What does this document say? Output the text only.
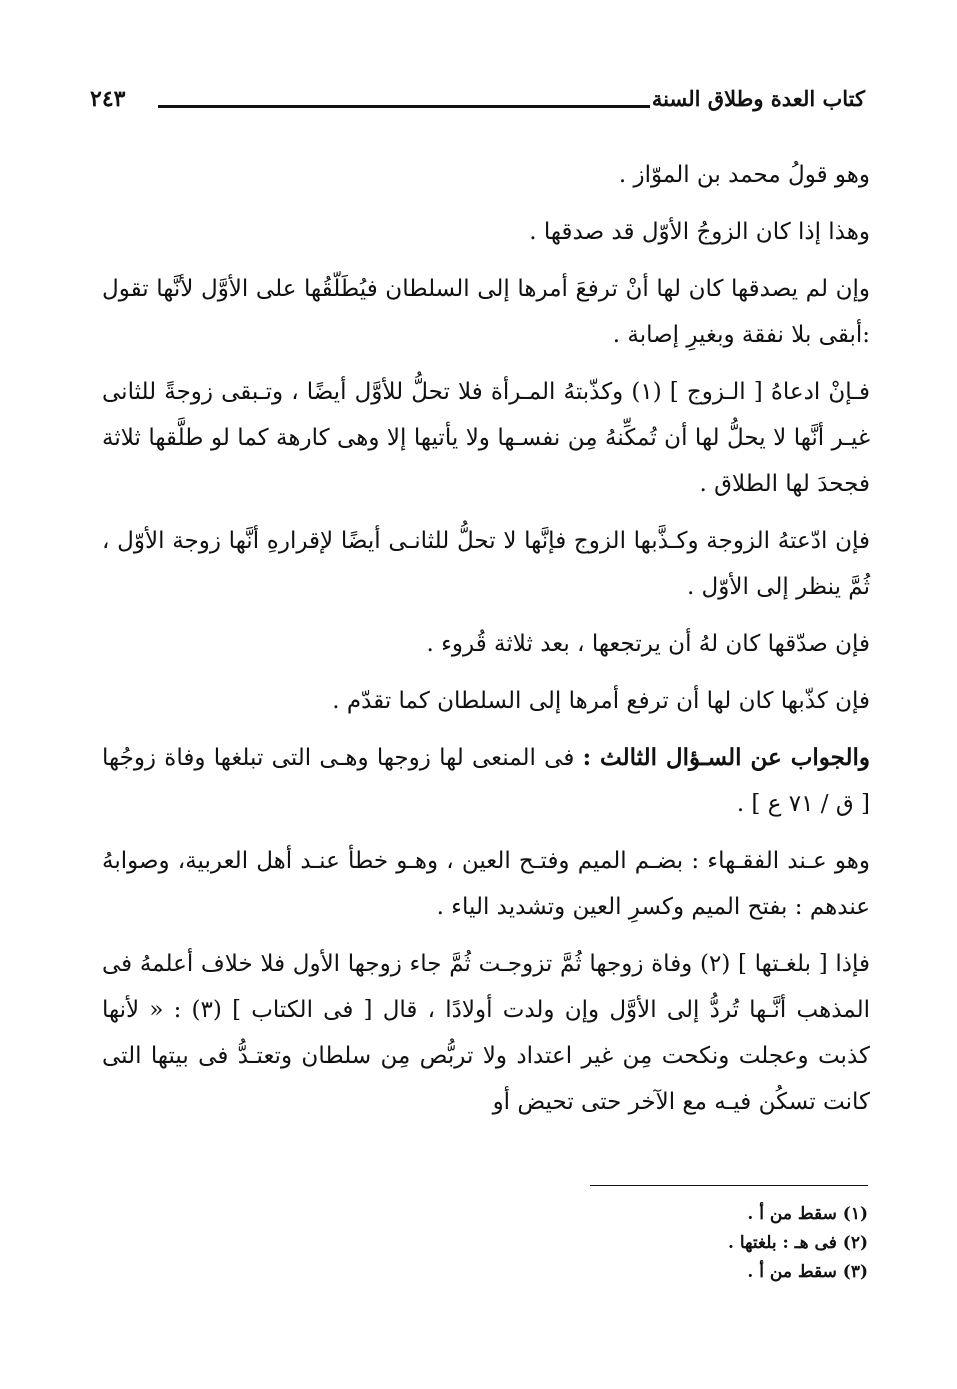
كتاب العدة وطلاق السنة
٢٤٣

وهو قولُ محمد بن الموّاز .

وهذا إذا كان الزوجُ الأوّل قد صدقها .

وإن لم يصدقها كان لها أنْ ترفعَ أمرها إلى السلطان فيُطَلّقُها على الأوَّل لأنَّها تقول :أبقى بلا نفقة وبغيرِ إصابة .

فـإنْ ادعاهُ [ الـزوج ] (١) وكذّبتهُ المـرأة فلا تحلُّ للأوَّل أيضًا ، وتـبقى زوجةً للثانى غيـر أنَّها لا يحلُّ لها أن تُمكِّنهُ مِن نفسـها ولا يأتيها إلا وهى كارهة كما لو طلَّقها ثلاثة فجحدَ لها الطلاق .

فإن ادّعتهُ الزوجة وكـذَّبها الزوج فإنَّها لا تحلُّ للثانـى أيضًا لإقرارهِ أنَّها زوجة الأوّل ، ثُمَّ ينظر إلى الأوّل .

فإن صدّقها كان لهُ أن يرتجعها ، بعد ثلاثة قُروء .

فإن كذّبها كان لها أن ترفع أمرها إلى السلطان كما تقدّم .

والجواب عن السـؤال الثالث : فى المنعى لها زوجها وهـى التى تبلغها وفاة زوجُها [ ق / ٧١ ع ] .

وهو عـند الفقـهاء : بضـم الميم وفتـح العين ، وهـو خطأ عنـد أهل العربية، وصوابهُ عندهم : بفتح الميم وكسرِ العين وتشديد الياء .

فإذا [ بلغـتها ] (٢) وفاة زوجها ثُمَّ تزوجـت ثُمَّ جاء زوجها الأول فلا خلاف أعلمهُ فى المذهب أنَّـها تُردُّ إلى الأوَّل وإن ولدت أولادًا ، قال [ فى الكتاب ] (٣) : « لأنها كذبت وعجلت ونكحت مِن غير اعتداد ولا تربُّص مِن سلطان وتعتـدُّ فى بيتها التى كانت تسكُن فيـه مع الآخر حتى تحيض أو

(١) سقط من أ .
(٢) فى هـ : بلغتها .
(٣) سقط من أ .
